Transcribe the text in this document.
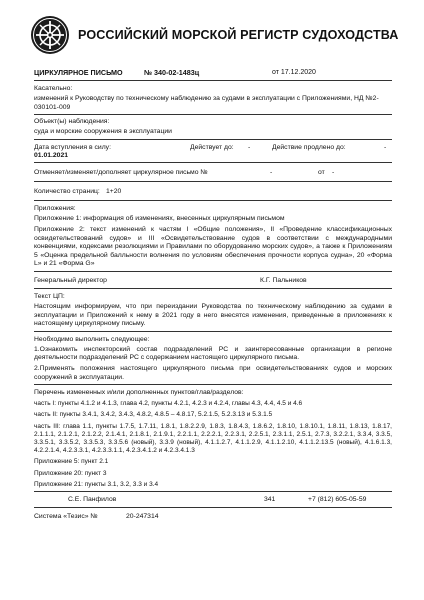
РОССИЙСКИЙ МОРСКОЙ РЕГИСТР СУДОХОДСТВА
ЦИРКУЛЯРНОЕ ПИСЬМО	№ 340-02-1483ц	от 17.12.2020
Касательно:
изменений к Руководству по техническому наблюдению за судами в эксплуатации с Приложениями, НД №2-030101-009
Объект(ы) наблюдения:
суда и морские сооружения в эксплуатации
Дата вступления в силу:	Действует до:	-	Действие продлено до:	-
01.01.2021
Отменяет/изменяет/дополняет циркулярное письмо №	-	от	-
Количество страниц: 1+20
Приложения:
Приложение 1: информация об изменениях, внесенных циркулярным письмом
Приложение 2: текст изменений к частям I «Общие положения», II «Проведение классификационных освидетельствований судов» и III «Освидетельствование судов в соответствии с международными конвенциями, кодексами резолюциями и Правилами по оборудованию морских судов», а также к Приложениям 5 «Оценка предельной балльности волнения по условиям обеспечения прочности корпуса судна», 20 «Форма L» и 21 «Форма G»
Генеральный директор	К.Г. Пальников
Текст ЦП:
Настоящим информируем, что при переиздании Руководства по техническому наблюдению за судами в эксплуатации и Приложений к нему в 2021 году в него внесятся изменения, приведенные в приложениях к настоящему циркулярному письму.
Необходимо выполнить следующее:
1.Ознакомить инспекторский состав подразделений РС и заинтересованные организации в регионе деятельности подразделений РС с содержанием настоящего циркулярного письма.
2.Применять положения настоящего циркулярного письма при освидетельствованиях судов и морских сооружений в эксплуатации.
Перечень измененных и/или дополненных пунктов/глав/разделов:
часть I: пункты 4.1.2 и 4.1.3, глава 4.2, пункты 4.2.1, 4.2.3 и 4.2.4, главы 4.3, 4.4, 4.5 и 4.6
часть II: пункты 3.4.1, 3.4.2, 3.4.3, 4.8.2, 4.8.5 – 4.8.17, 5.2.1.5, 5.2.3.13 и 5.3.1.5
часть III: глава 1.1, пункты 1.7.5, 1.7.11, 1.8.1, 1.8.2.2.9, 1.8.3, 1.8.4.3, 1.8.6.2, 1.8.10, 1.8.10.1, 1.8.11, 1.8.13, 1.8.17, 2.1.1.1, 2.1.2.1, 2.1.2.2, 2.1.4.1, 2.1.8.1, 2.1.9.1, 2.2.1.1, 2.2.2.1, 2.2.3.1, 2.2.5.1, 2.3.1.1, 2.5.1, 2.7.3, 3.2.2.1, 3.3.4, 3.3.5, 3.3.5.1, 3.3.5.2, 3.3.5.3, 3.3.5.6 (новый), 3.3.9 (новый), 4.1.1.2.7, 4.1.1.2.9, 4.1.1.2.10, 4.1.1.2.13.5 (новый), 4.1.6.1.3, 4.2.2.1.4, 4.2.3.3.1, 4.2.3.3.1.1, 4.2.3.4.1.2 и 4.2.3.4.1.3
Приложение 5: пункт 2.1
Приложение 20: пункт 3
Приложение 21: пункты 3.1, 3.2, 3.3 и 3.4
С.Е. Панфилов	341	+7 (812) 605-05-59
Система «Тезис» №	20-247314
